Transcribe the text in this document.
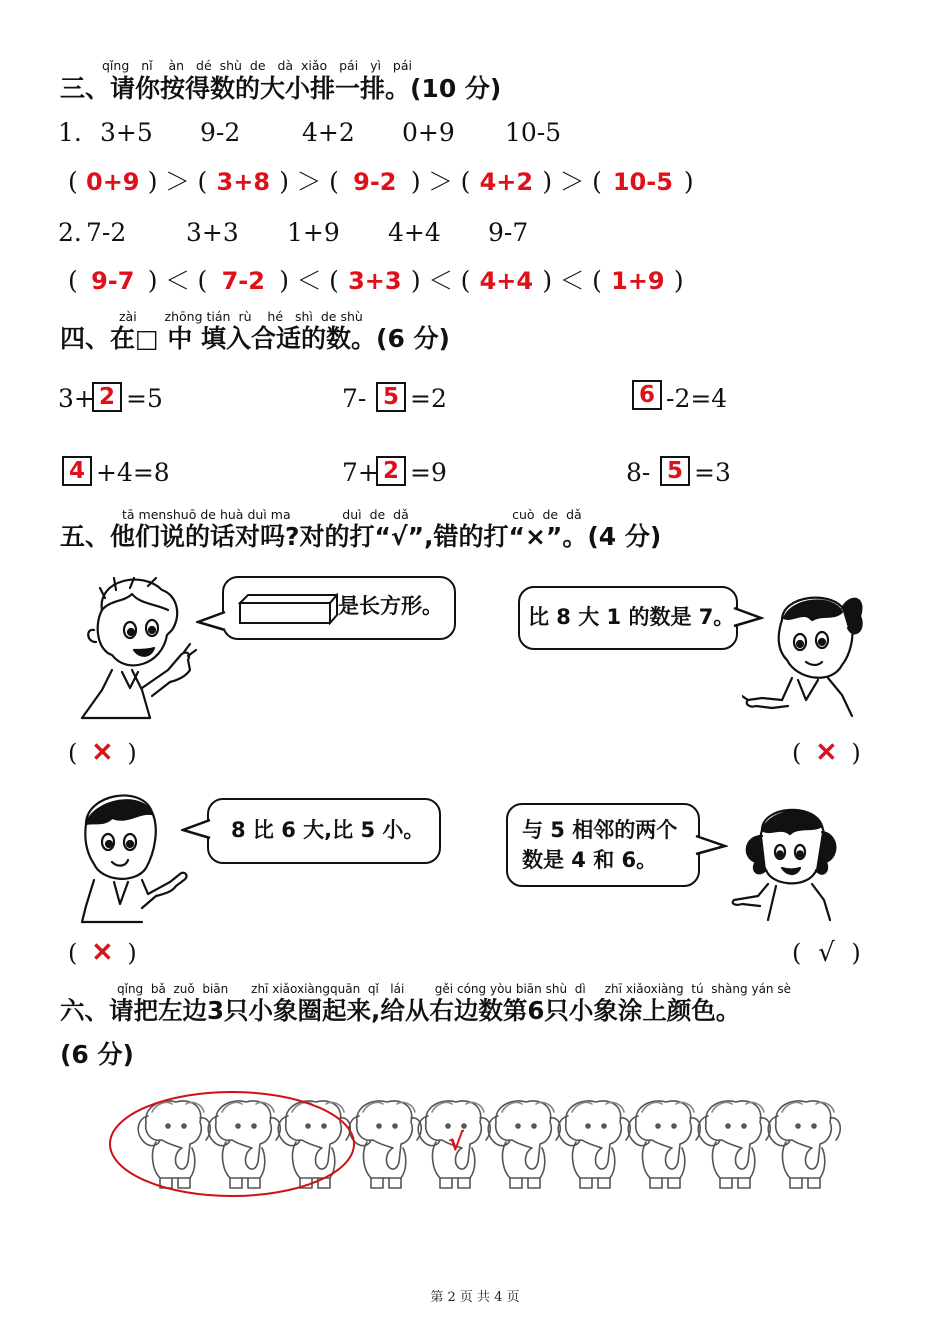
qǐng nǐ àn dé shù de dà xiǎo pái yì pái
三、请你按得数的大小排一排。(10 分)
1. 3+5 9-2 4+2 0+9 10-5
( 0+9 ) ＞ ( 3+8 ) ＞ ( 9-2 ) ＞ ( 4+2 ) ＞ ( 10-5 )
2. 7-2 3+3 1+9 4+4 9-7
( 9-7 ) ＜ ( 7-2 ) ＜ ( 3+3 ) ＜ ( 4+4 ) ＜ ( 1+9 )
zài zhōng tián rù hé shì de shù
四、在□ 中 填入合适的数。(6 分)
3+ 2 =5	7- 5 =2	6 -2=4
4 +4=8	7+ 2 =9	8- 5 =3
tā menshuō de huà duì ma	duì de dǎ	cuò de dǎ
五、他们说的话对吗?对的打“√”,错的打“×”。(4 分)
是长方形。	比 8 大 1 的数是 7。
( ✕ )	( ✕ )
8 比 6 大,比 5 小。	与 5 相邻的两个
数是 4 和 6。
( ✕ )	( √ )
qǐng bǎ zuǒ biān zhī xiǎoxiàngquān qǐ lái	gěi cóng yòu biān shù dì zhī xiǎoxiàng tú shàng yán sè
六、请把左边3只小象圈起来,给从右边数第6只小象涂上颜色。
(6 分)
√
第 2 页 共 4 页
